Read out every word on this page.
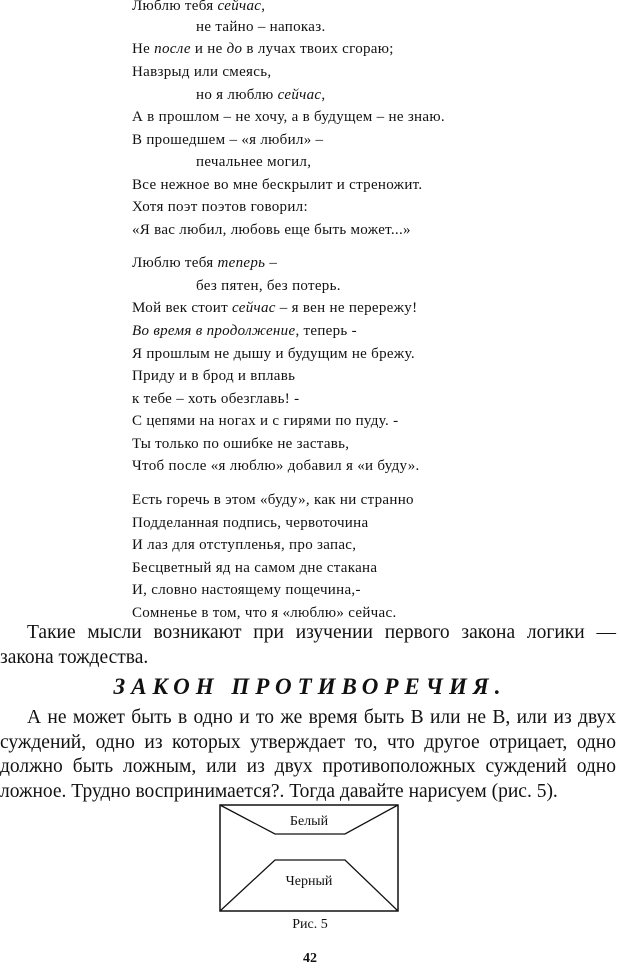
Люблю тебя сейчас,
не тайно – напоказ.
Не после и не до в лучах твоих сгораю;
Навзрыд или смеясь,
но я люблю сейчас,
А в прошлом – не хочу, а в будущем – не знаю.
В прошедшем – «я любил» –
печальнее могил,
Все нежное во мне бескрылит и стреножит.
Хотя поэт поэтов говорил:
«Я вас любил, любовь еще быть может...»
Люблю тебя теперь –
без пятен, без потерь.
Мой век стоит сейчас – я вен не перережу!
Во время в продолжение, теперь -
Я прошлым не дышу и будущим не брежу.
Приду и в брод и вплавь
к тебе – хоть обезглавь! -
С цепями на ногах и с гирями по пуду. -
Ты только по ошибке не заставь,
Чтоб после «я люблю» добавил я «и буду».
Есть горечь в этом «буду», как ни странно
Подделанная подпись, червоточина
И лаз для отступленья, про запас,
Бесцветный яд на самом дне стакана
И, словно настоящему пощечина,-
Сомненье в том, что я «люблю» сейчас.

Такие мысли возникают при изучении первого закона логики — закона тождества.

ЗАКОН ПРОТИВОРЕЧИЯ.

А не может быть в одно и то же время быть В или не В, или из двух суждений, одно из которых утверждает то, что другое отрицает, одно должно быть ложным, или из двух противоположных суждений одно ложное. Трудно воспринимается?. Тогда давайте нарисуем (рис. 5).

Белый
Черный
Рис. 5
42
